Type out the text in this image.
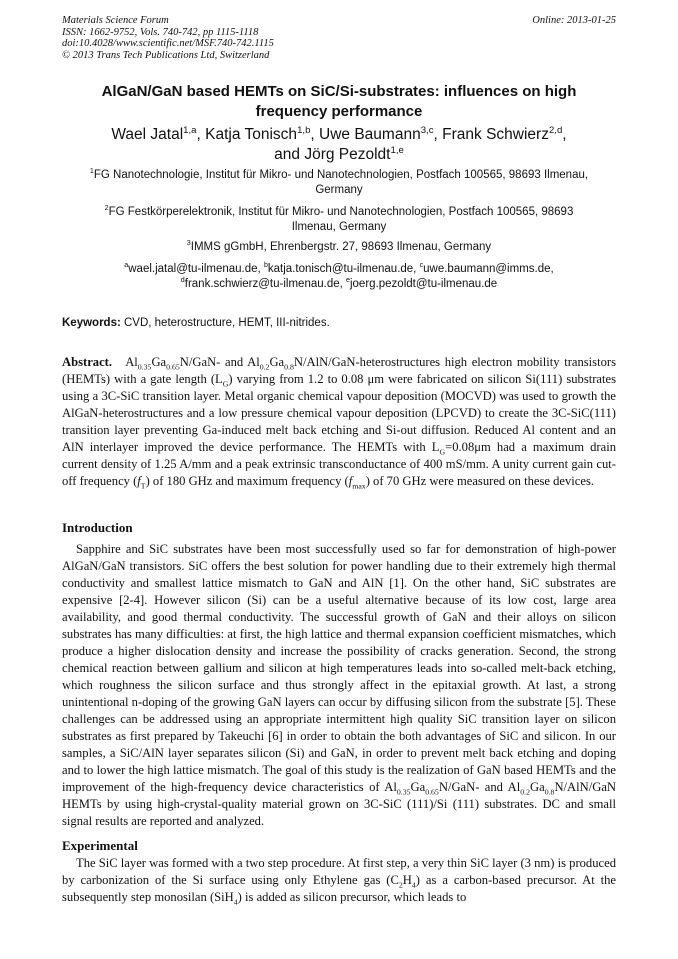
Materials Science Forum
ISSN: 1662-9752, Vols. 740-742, pp 1115-1118
doi:10.4028/www.scientific.net/MSF.740-742.1115
© 2013 Trans Tech Publications Ltd, Switzerland
Online: 2013-01-25
AlGaN/GaN based HEMTs on SiC/Si-substrates: influences on high
frequency performance
Wael Jatal$^{1,a}$, Katja Tonisch$^{1,b}$, Uwe Baumann$^{3,c}$, Frank Schwierz$^{2,d}$,
and Jörg Pezoldt$^{1,e}$
$^1$FG Nanotechnologie, Institut für Mikro- und Nanotechnologien, Postfach 100565, 98693 Ilmenau,
Germany
$^2$FG Festkörperelektronik, Institut für Mikro- und Nanotechnologien, Postfach 100565, 98693
Ilmenau, Germany
$^3$IMMS gGmbH, Ehrenbergstr. 27, 98693 Ilmenau, Germany
$^a$wael.jatal@tu-ilmenau.de, $^b$katja.tonisch@tu-ilmenau.de, $^c$uwe.baumann@imms.de,
$^d$frank.schwierz@tu-ilmenau.de, $^e$joerg.pezoldt@tu-ilmenau.de
Keywords: CVD, heterostructure, HEMT, III-nitrides.
Abstract.   $Al_{0.35}Ga_{0.65}N/GaN-$ and $Al_{0.2}Ga_{0.8}N/AlN/GaN$-heterostructures high electron mobility transistors (HEMTs) with a gate length $(L_G)$ varying from 1.2 to 0.08 μm were fabricated on silicon Si(111) substrates using a 3C-SiC transition layer. Metal organic chemical vapour deposition (MOCVD) was used to growth the AlGaN-heterostructures and a low pressure chemical vapour deposition (LPCVD) to create the 3C-SiC(111) transition layer preventing Ga-induced melt back etching and Si-out diffusion. Reduced Al content and an AlN interlayer improved the device performance. The HEMTs with $L_G=0.08\mu m$ had a maximum drain current density of 1.25 A/mm and a peak extrinsic transconductance of 400 mS/mm. A unity current gain cut-off frequency $(f_T)$ of 180 GHz and maximum frequency $(f_{max})$ of 70 GHz were measured on these devices.
Introduction
Sapphire and SiC substrates have been most successfully used so far for demonstration of high-power AlGaN/GaN transistors. SiC offers the best solution for power handling due to their extremely high thermal conductivity and smallest lattice mismatch to GaN and AlN [1]. On the other hand, SiC substrates are expensive [2-4]. However silicon (Si) can be a useful alternative because of its low cost, large area availability, and good thermal conductivity. The successful growth of GaN and their alloys on silicon substrates has many difficulties: at first, the high lattice and thermal expansion coefficient mismatches, which produce a higher dislocation density and increase the possibility of cracks generation. Second, the strong chemical reaction between gallium and silicon at high temperatures leads into so-called melt-back etching, which roughness the silicon surface and thus strongly affect in the epitaxial growth. At last, a strong unintentional n-doping of the growing GaN layers can occur by diffusing silicon from the substrate [5]. These challenges can be addressed using an appropriate intermittent high quality SiC transition layer on silicon substrates as first prepared by Takeuchi [6] in order to obtain the both advantages of SiC and silicon. In our samples, a SiC/AlN layer separates silicon (Si) and GaN, in order to prevent melt back etching and doping and to lower the high lattice mismatch. The goal of this study is the realization of GaN based HEMTs and the improvement of the high-frequency device characteristics of $Al_{0.35}Ga_{0.65}N/GaN-$ and $Al_{0.2}Ga_{0.8}N/AlN$/GaN HEMTs by using high-crystal-quality material grown on 3C-SiC (111)/Si (111) substrates. DC and small signal results are reported and analyzed.
Experimental
The SiC layer was formed with a two step procedure. At first step, a very thin SiC layer (3 nm) is produced by carbonization of the Si surface using only Ethylene gas $(C_2H_4)$ as a carbon-based precursor. At the subsequently step monosilan (SiH$_4$) is added as silicon precursor, which leads to
